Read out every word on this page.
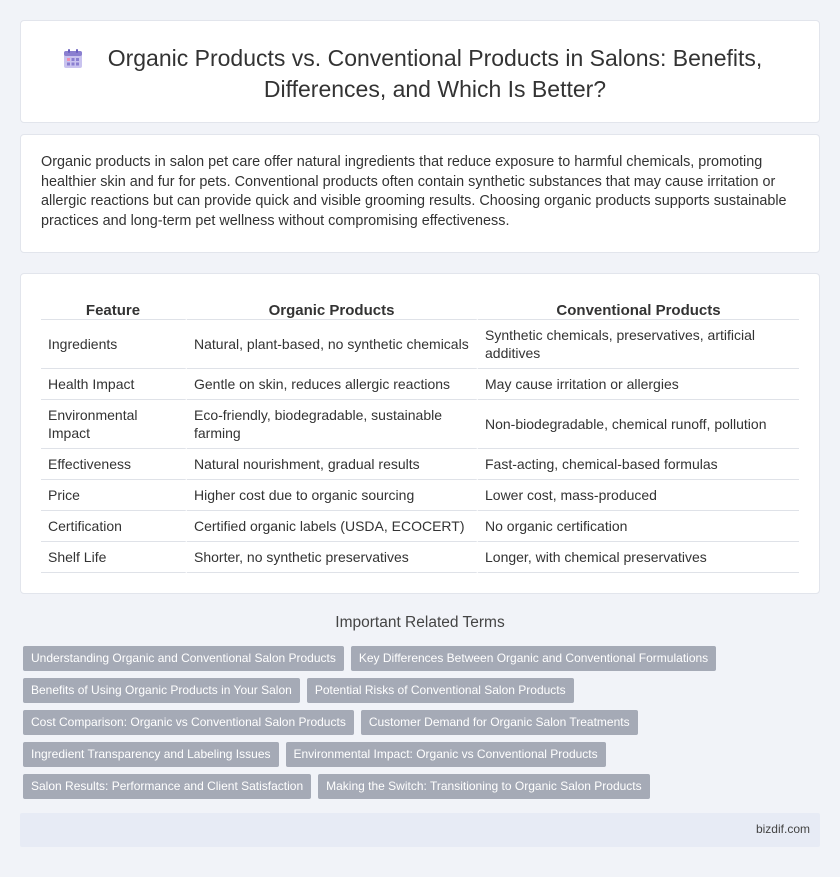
Organic Products vs. Conventional Products in Salons: Benefits, Differences, and Which Is Better?

Organic products in salon pet care offer natural ingredients that reduce exposure to harmful chemicals, promoting healthier skin and fur for pets. Conventional products often contain synthetic substances that may cause irritation or allergic reactions but can provide quick and visible grooming results. Choosing organic products supports sustainable practices and long-term pet wellness without compromising effectiveness.

Feature	Organic Products	Conventional Products
Ingredients	Natural, plant-based, no synthetic chemicals	Synthetic chemicals, preservatives, artificial additives
Health Impact	Gentle on skin, reduces allergic reactions	May cause irritation or allergies
Environmental Impact	Eco-friendly, biodegradable, sustainable farming	Non-biodegradable, chemical runoff, pollution
Effectiveness	Natural nourishment, gradual results	Fast-acting, chemical-based formulas
Price	Higher cost due to organic sourcing	Lower cost, mass-produced
Certification	Certified organic labels (USDA, ECOCERT)	No organic certification
Shelf Life	Shorter, no synthetic preservatives	Longer, with chemical preservatives
Important Related Terms
Understanding Organic and Conventional Salon Products Key Differences Between Organic and Conventional Formulations
Benefits of Using Organic Products in Your Salon Potential Risks of Conventional Salon Products
Cost Comparison: Organic vs Conventional Salon Products Customer Demand for Organic Salon Treatments
Ingredient Transparency and Labeling Issues Environmental Impact: Organic vs Conventional Products
Salon Results: Performance and Client Satisfaction Making the Switch: Transitioning to Organic Salon Products
bizdif.com
